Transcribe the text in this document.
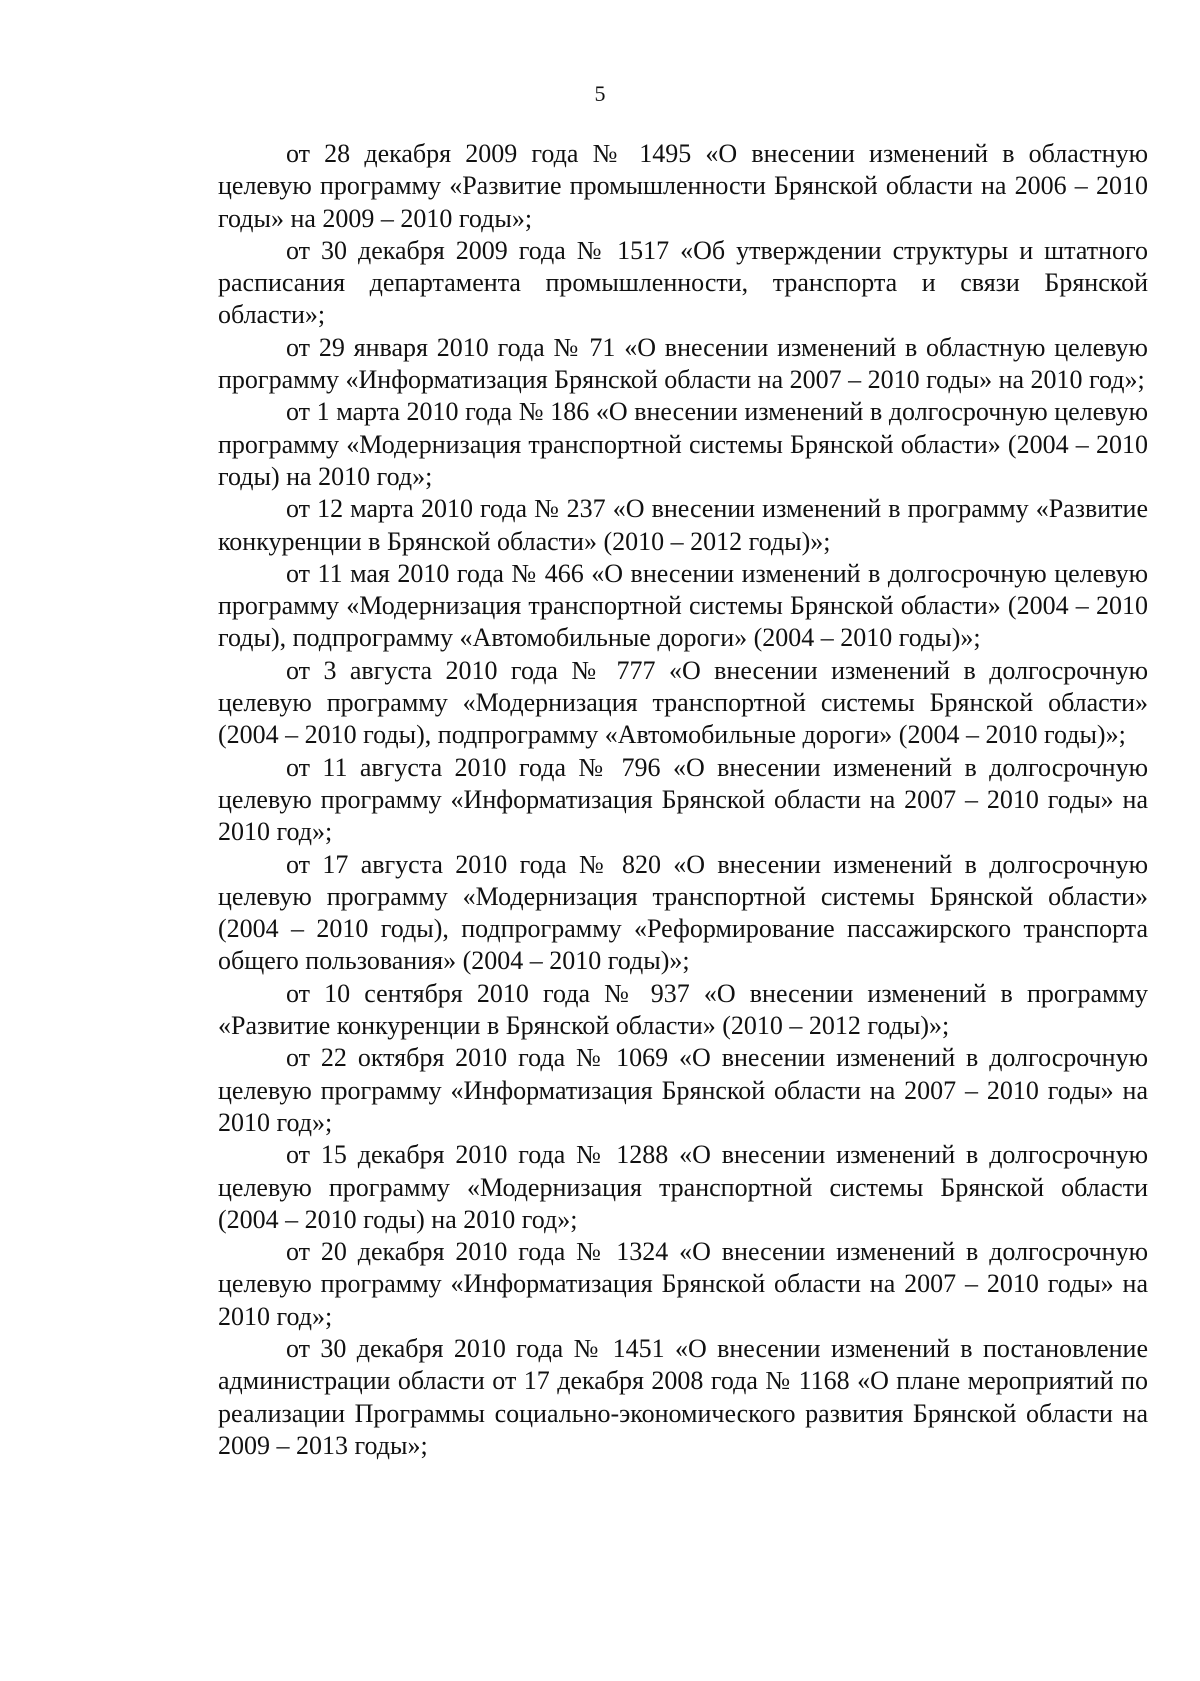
5

от 28 декабря 2009 года № 1495 «О внесении изменений в областную целевую программу «Развитие промышленности Брянской области на 2006 – 2010 годы» на 2009 – 2010 годы»;

от 30 декабря 2009 года № 1517 «Об утверждении структуры и штатного расписания департамента промышленности, транспорта и связи Брянской области»;

от 29 января 2010 года № 71 «О внесении изменений в областную целевую программу «Информатизация Брянской области на 2007 – 2010 годы» на 2010 год»;

от 1 марта 2010 года № 186 «О внесении изменений в долгосрочную целевую программу «Модернизация транспортной системы Брянской области» (2004 – 2010 годы) на 2010 год»;

от 12 марта 2010 года № 237 «О внесении изменений в программу «Развитие конкуренции в Брянской области» (2010 – 2012 годы)»;

от 11 мая 2010 года № 466 «О внесении изменений в долгосрочную целевую программу «Модернизация транспортной системы Брянской области» (2004 – 2010 годы), подпрограмму «Автомобильные дороги» (2004 – 2010 годы)»;

от 3 августа 2010 года № 777 «О внесении изменений в долгосрочную целевую программу «Модернизация транспортной системы Брянской области» (2004 – 2010 годы), подпрограмму «Автомобильные дороги» (2004 – 2010 годы)»;

от 11 августа 2010 года № 796 «О внесении изменений в долгосрочную целевую программу «Информатизация Брянской области на 2007 – 2010 годы» на 2010 год»;

от 17 августа 2010 года № 820 «О внесении изменений в долгосрочную целевую программу «Модернизация транспортной системы Брянской области» (2004 – 2010 годы), подпрограмму «Реформирование пассажирского транспорта общего пользования» (2004 – 2010 годы)»;

от 10 сентября 2010 года № 937 «О внесении изменений в программу «Развитие конкуренции в Брянской области» (2010 – 2012 годы)»;

от 22 октября 2010 года № 1069 «О внесении изменений в долгосрочную целевую программу «Информатизация Брянской области на 2007 – 2010 годы» на 2010 год»;

от 15 декабря 2010 года № 1288 «О внесении изменений в долгосрочную целевую программу «Модернизация транспортной системы Брянской области (2004 – 2010 годы) на 2010 год»;

от 20 декабря 2010 года № 1324 «О внесении изменений в долгосрочную целевую программу «Информатизация Брянской области на 2007 – 2010 годы» на 2010 год»;

от 30 декабря 2010 года № 1451 «О внесении изменений в постановление администрации области от 17 декабря 2008 года № 1168 «О плане мероприятий по реализации Программы социально-экономического развития Брянской области на 2009 – 2013 годы»;
